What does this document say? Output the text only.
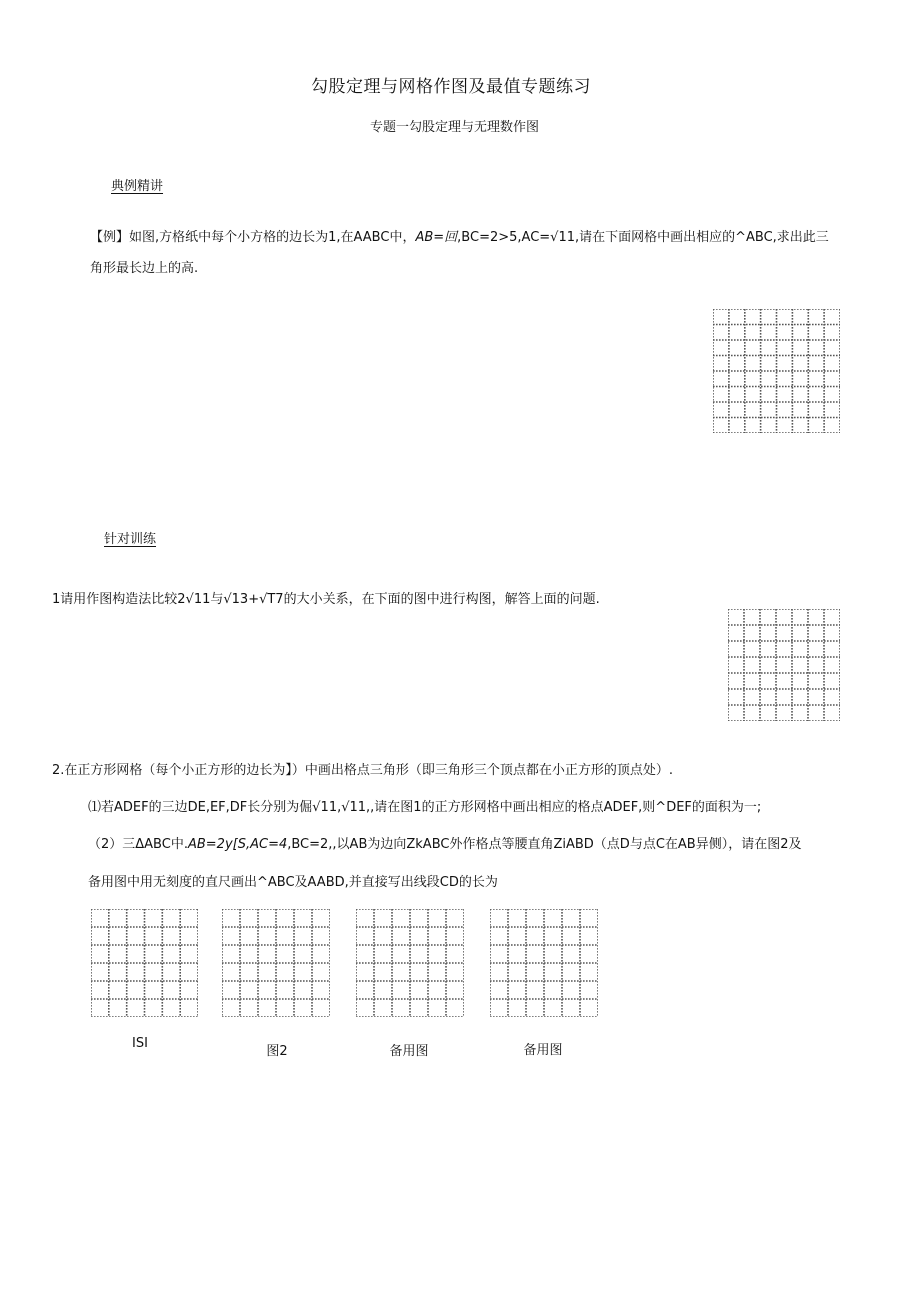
勾股定理与网格作图及最值专题练习
专题一勾股定理与无理数作图
典例精讲
【例】如图,方格纸中每个小方格的边长为1,在AABC中，AB=回,BC=2>5,AC=√11,请在下面网格中画出相应的^ABC,求出此三
角形最长边上的高.
针对训练
1请用作图构造法比较2√11与√13+√T7的大小关系，在下面的图中进行构图，解答上面的问题.
2.在正方形网格（每个小正方形的边长为】）中画出格点三角形（即三角形三个顶点都在小正方形的顶点处）.
⑴若ADEF的三边DE,EF,DF长分别为倔√11,√11,,请在图1的正方形网格中画出相应的格点ADEF,则^DEF的面积为一;
（2）三ΔABC中.AB=2y[S,AC=4,BC=2,,以AB为边向ZkABC外作格点等腰直角ZiABD（点D与点C在AB异侧），请在图2及
备用图中用无刻度的直尺画出^ABC及AABD,并直接写出线段CD的长为
ISI
图2	备用图	备用图
